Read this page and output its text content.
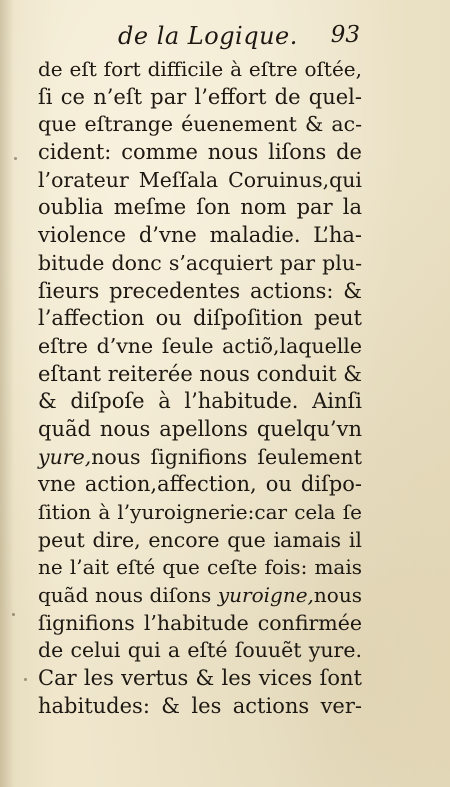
de la Logique. 93
de eſt fort difficile à eſtre oſtée,
ſi ce n’eſt par l’effort de quel-
que eſtrange éuenement & ac-
cident: comme nous liſons de
l’orateur Meſſala Coruinus,qui
oublia meſme ſon nom par la
violence d’vne maladie. L’ha-
bitude donc s’acquiert par plu-
ſieurs precedentes actions: &
l’affection ou diſpoſition peut
eſtre d’vne ſeule actiõ,laquelle
eſtant reiterée nous conduit &
& diſpoſe à l’habitude. Ainſi
quãd nous apellons quelqu’vn
yure,nous ſignifions ſeulement
vne action,affection, ou diſpo-
ſition à l’yuroignerie:car cela ſe
peut dire, encore que iamais il
ne l’ait eſté que ceſte fois: mais
quãd nous diſons yuroigne,nous
ſignifions l’habitude confirmée
de celui qui a eſté ſouuẽt yure.
Car les vertus & les vices ſont
habitudes: & les actions ver-
